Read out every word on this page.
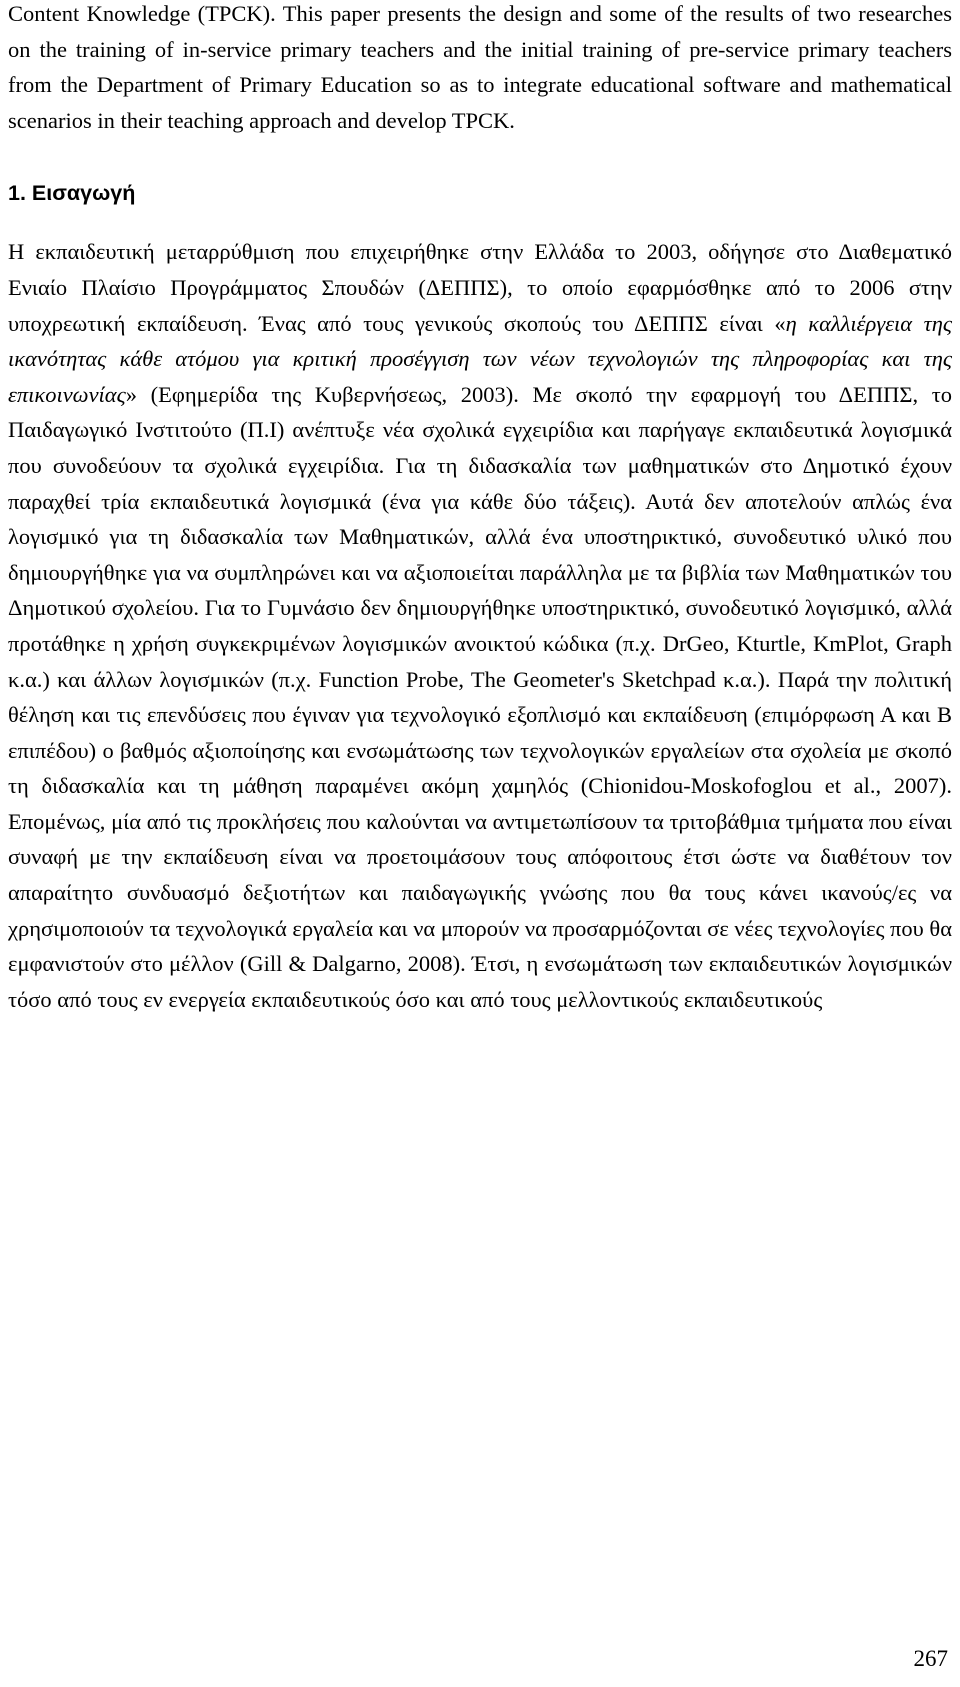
Content Knowledge (TPCK). This paper presents the design and some of the results of two researches on the training of in-service primary teachers and the initial training of pre-service primary teachers from the Department of Primary Education so as to integrate educational software and mathematical scenarios in their teaching approach and develop TPCK.

1. Εισαγωγή

Η εκπαιδευτική μεταρρύθμιση που επιχειρήθηκε στην Ελλάδα το 2003, οδήγησε στο Διαθεματικό Ενιαίο Πλαίσιο Προγράμματος Σπουδών (ΔΕΠΠΣ), το οποίο εφαρμόσθηκε από το 2006 στην υποχρεωτική εκπαίδευση. Ένας από τους γενικούς σκοπούς του ΔΕΠΠΣ είναι «η καλλιέργεια της ικανότητας κάθε ατόμου για κριτική προσέγγιση των νέων τεχνολογιών της πληροφορίας και της επικοινωνίας» (Εφημερίδα της Κυβερνήσεως, 2003). Με σκοπό την εφαρμογή του ΔΕΠΠΣ, το Παιδαγωγικό Ινστιτούτο (Π.Ι) ανέπτυξε νέα σχολικά εγχειρίδια και παρήγαγε εκπαιδευτικά λογισμικά που συνοδεύουν τα σχολικά εγχειρίδια. Για τη διδασκαλία των μαθηματικών στο Δημοτικό έχουν παραχθεί τρία εκπαιδευτικά λογισμικά (ένα για κάθε δύο τάξεις). Αυτά δεν αποτελούν απλώς ένα λογισμικό για τη διδασκαλία των Μαθηματικών, αλλά ένα υποστηρικτικό, συνοδευτικό υλικό που δημιουργήθηκε για να συμπληρώνει και να αξιοποιείται παράλληλα με τα βιβλία των Μαθηματικών του Δημοτικού σχολείου. Για το Γυμνάσιο δεν δημιουργήθηκε υποστηρικτικό, συνοδευτικό λογισμικό, αλλά προτάθηκε η χρήση συγκεκριμένων λογισμικών ανοικτού κώδικα (π.χ. DrGeo, Kturtle, KmPlot, Graph κ.α.) και άλλων λογισμικών (π.χ. Function Probe, The Geometer's Sketchpad κ.α.). Παρά την πολιτική θέληση και τις επενδύσεις που έγιναν για τεχνολογικό εξοπλισμό και εκπαίδευση (επιμόρφωση Α και Β επιπέδου) ο βαθμός αξιοποίησης και ενσωμάτωσης των τεχνολογικών εργαλείων στα σχολεία με σκοπό τη διδασκαλία και τη μάθηση παραμένει ακόμη χαμηλός (Chionidou-Moskofoglou et al., 2007). Επομένως, μία από τις προκλήσεις που καλούνται να αντιμετωπίσουν τα τριτοβάθμια τμήματα που είναι συναφή με την εκπαίδευση είναι να προετοιμάσουν τους απόφοιτους έτσι ώστε να διαθέτουν τον απαραίτητο συνδυασμό δεξιοτήτων και παιδαγωγικής γνώσης που θα τους κάνει ικανούς/ες να χρησιμοποιούν τα τεχνολογικά εργαλεία και να μπορούν να προσαρμόζονται σε νέες τεχνολογίες που θα εμφανιστούν στο μέλλον (Gill & Dalgarno, 2008). Έτσι, η ενσωμάτωση των εκπαιδευτικών λογισμικών τόσο από τους εν ενεργεία εκπαιδευτικούς όσο και από τους μελλοντικούς εκπαιδευτικούς

267
